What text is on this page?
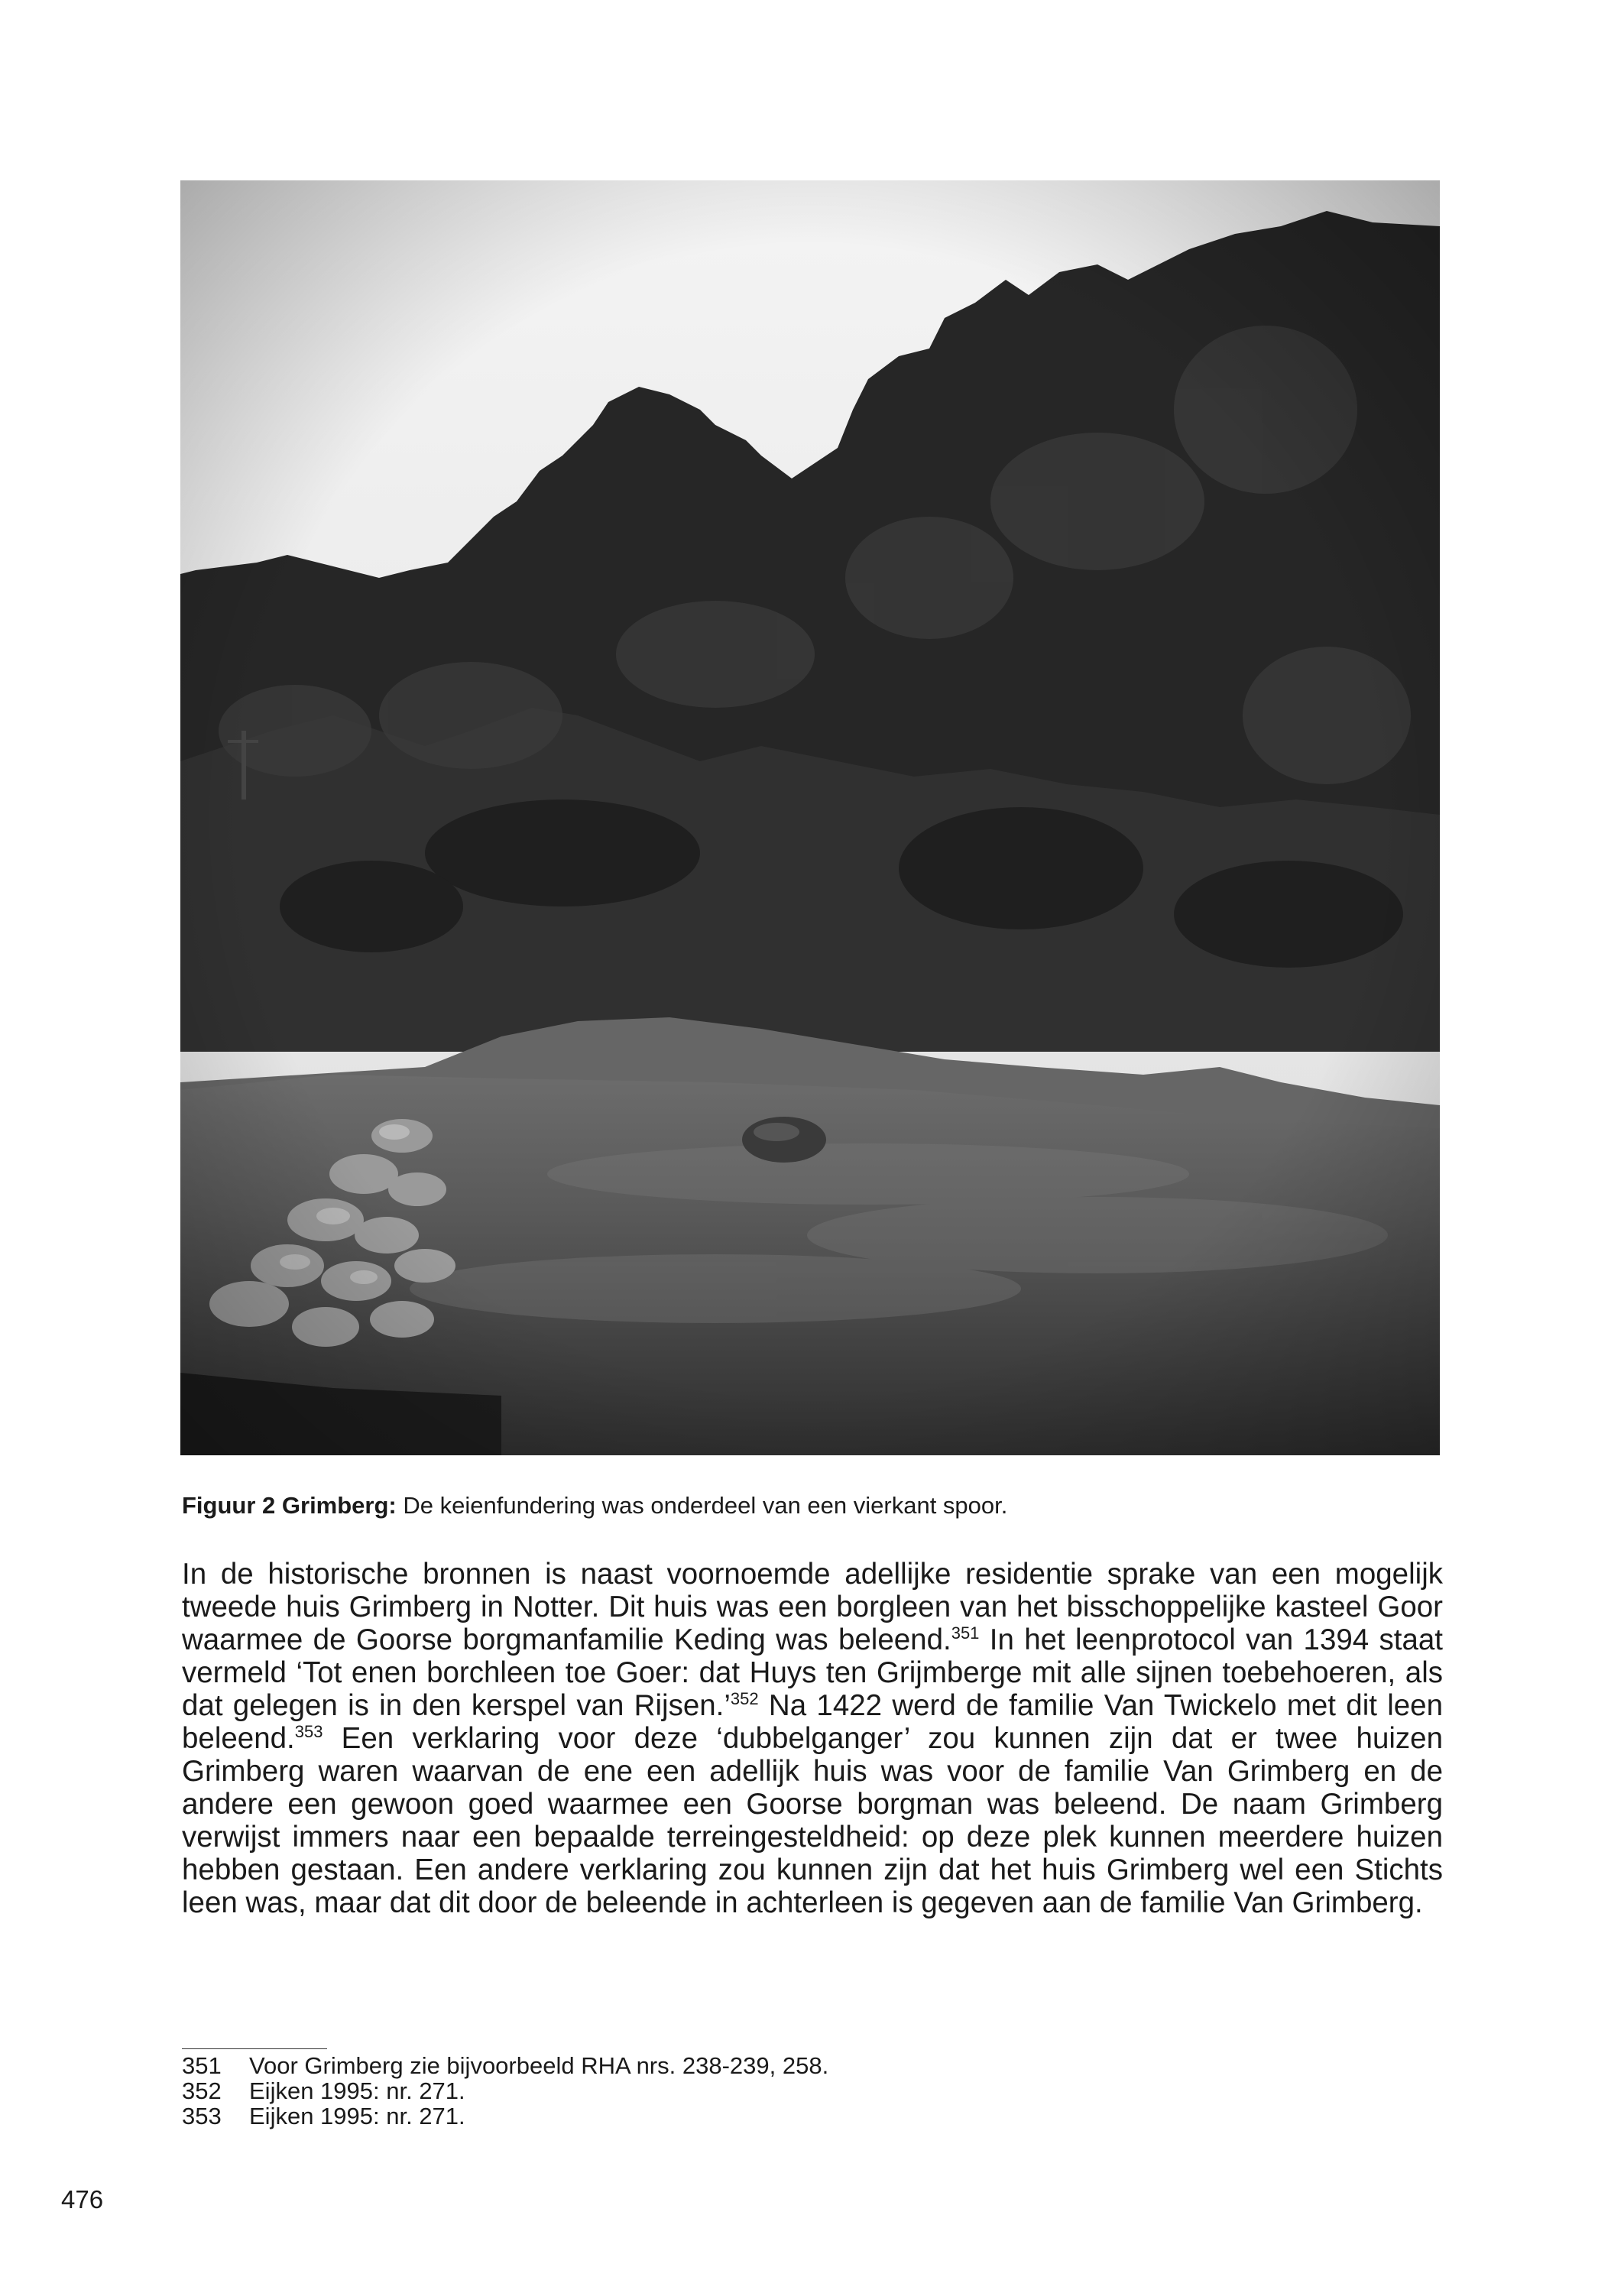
Figuur 2 Grimberg: De keienfundering was onderdeel van een vierkant spoor.

In de historische bronnen is naast voornoemde adellijke residentie sprake van een mogelijk tweede huis Grimberg in Notter. Dit huis was een borgleen van het bisschoppelijke kasteel Goor waarmee de Goorse borgmanfamilie Keding was beleend.$^{351}$ In het leenprotocol van 1394 staat vermeld ‘Tot enen borchleen toe Goer: dat Huys ten Grijmberge mit alle sijnen toebehoeren, als dat gelegen is in den kerspel van Rijsen.’$^{352}$ Na 1422 werd de familie Van Twickelo met dit leen beleend.$^{353}$ Een verklaring voor deze ‘dubbelganger’ zou kunnen zijn dat er twee huizen Grimberg waren waarvan de ene een adellijk huis was voor de familie Van Grimberg en de andere een gewoon goed waarmee een Goorse borgman was beleend. De naam Grimberg verwijst immers naar een bepaalde terreingesteldheid: op deze plek kunnen meerdere huizen hebben gestaan. Een andere verklaring zou kunnen zijn dat het huis Grimberg wel een Stichts leen was, maar dat dit door de beleende in achterleen is gegeven aan de familie Van Grimberg.

351 Voor Grimberg zie bijvoorbeeld RHA nrs. 238-239, 258.
352 Eijken 1995: nr. 271.
353 Eijken 1995: nr. 271.
476
